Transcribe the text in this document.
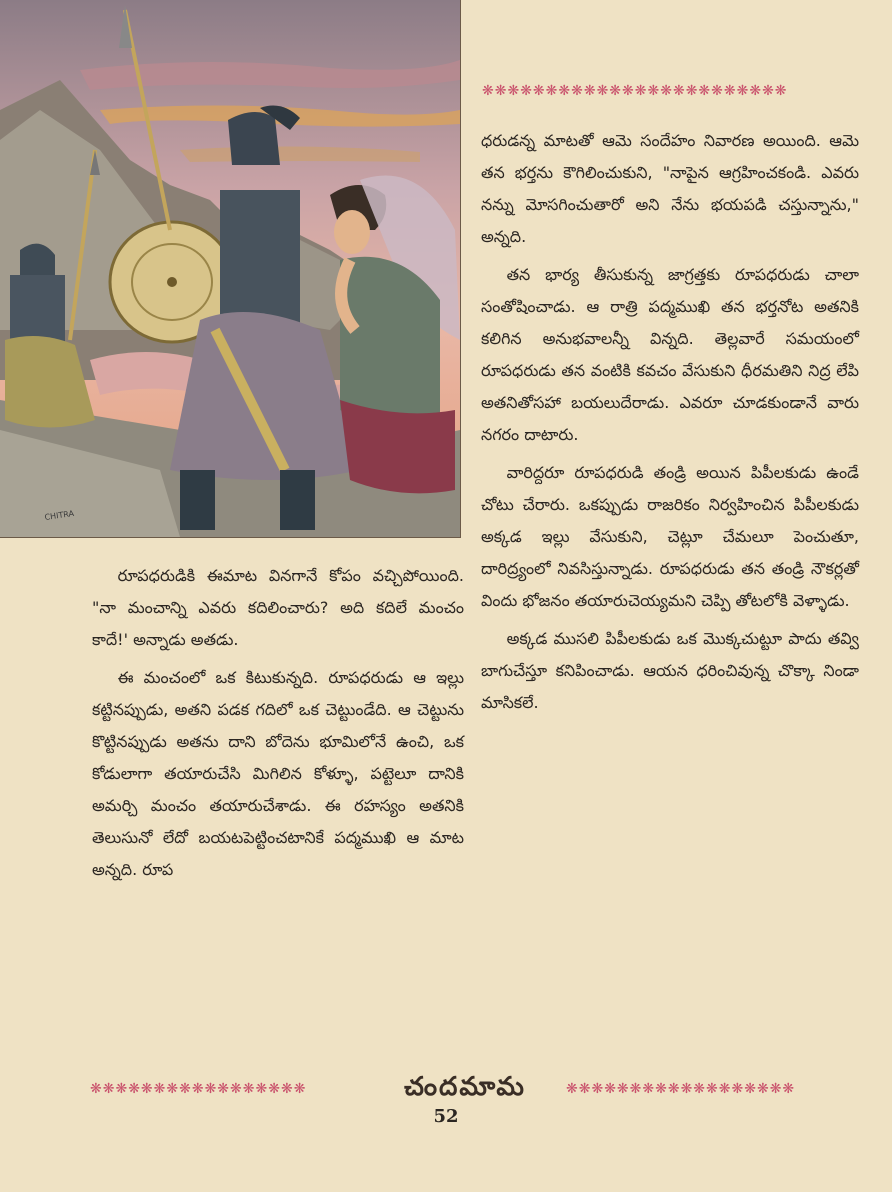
CHITRA
❋❋❋❋❋❋❋❋❋❋❋❋❋❋❋❋❋❋❋❋❋❋❋❋

ధరుడన్న మాటతో ఆమె సందేహం నివారణ అయింది. ఆమె తన భర్తను కౌగిలించుకుని, "నాపైన ఆగ్రహించకండి. ఎవరు నన్ను మోసగించుతారో అని నేను భయపడి చస్తున్నాను," అన్నది.

తన భార్య తీసుకున్న జాగ్రత్తకు రూపధరుడు చాలా సంతోషించాడు. ఆ రాత్రి పద్మముఖి తన భర్తనోట అతనికి కలిగిన అనుభవాలన్నీ విన్నది. తెల్లవారే సమయంలో రూపధరుడు తన వంటికి కవచం వేసుకుని ధీరమతిని నిద్ర లేపి అతనితోసహా బయలుదేరాడు. ఎవరూ చూడకుండానే వారు నగరం దాటారు.

వారిద్దరూ రూపధరుడి తండ్రి అయిన పిపీలకుడు ఉండే చోటు చేరారు. ఒకప్పుడు రాజరికం నిర్వహించిన పిపీలకుడు అక్కడ ఇల్లు వేసుకుని, చెట్లూ చేమలూ పెంచుతూ, దారిద్ర్యంలో నివసిస్తున్నాడు. రూపధరుడు తన తండ్రి నౌకర్లతో విందు భోజనం తయారుచెయ్యమని చెప్పి తోటలోకి వెళ్ళాడు.

అక్కడ ముసలి పిపీలకుడు ఒక మొక్కచుట్టూ పాదు తవ్వి బాగుచేస్తూ కనిపించాడు. ఆయన ధరించివున్న చొక్కా నిండా మాసికలే.

రూపధరుడికి ఈమాట వినగానే కోపం వచ్చిపోయింది. "నా మంచాన్ని ఎవరు కదిలించారు? అది కదిలే మంచం కాదే!' అన్నాడు అతడు.

ఈ మంచంలో ఒక కిటుకున్నది. రూపధరుడు ఆ ఇల్లు కట్టినప్పుడు, అతని పడక గదిలో ఒక చెట్టుండేది. ఆ చెట్టును కొట్టినప్పుడు అతను దాని బోదెను భూమిలోనే ఉంచి, ఒక కోడులాగా తయారుచేసి మిగిలిన కోళ్ళూ, పట్టెలూ దానికి అమర్చి మంచం తయారుచేశాడు. ఈ రహస్యం అతనికి తెలుసునో లేదో బయటపెట్టించటానికే పద్మముఖి ఆ మాట అన్నది. రూప

❋❋❋❋❋❋❋❋❋❋❋❋❋❋❋❋❋	చందమామ	❋❋❋❋❋❋❋❋❋❋❋❋❋❋❋❋❋❋
52
